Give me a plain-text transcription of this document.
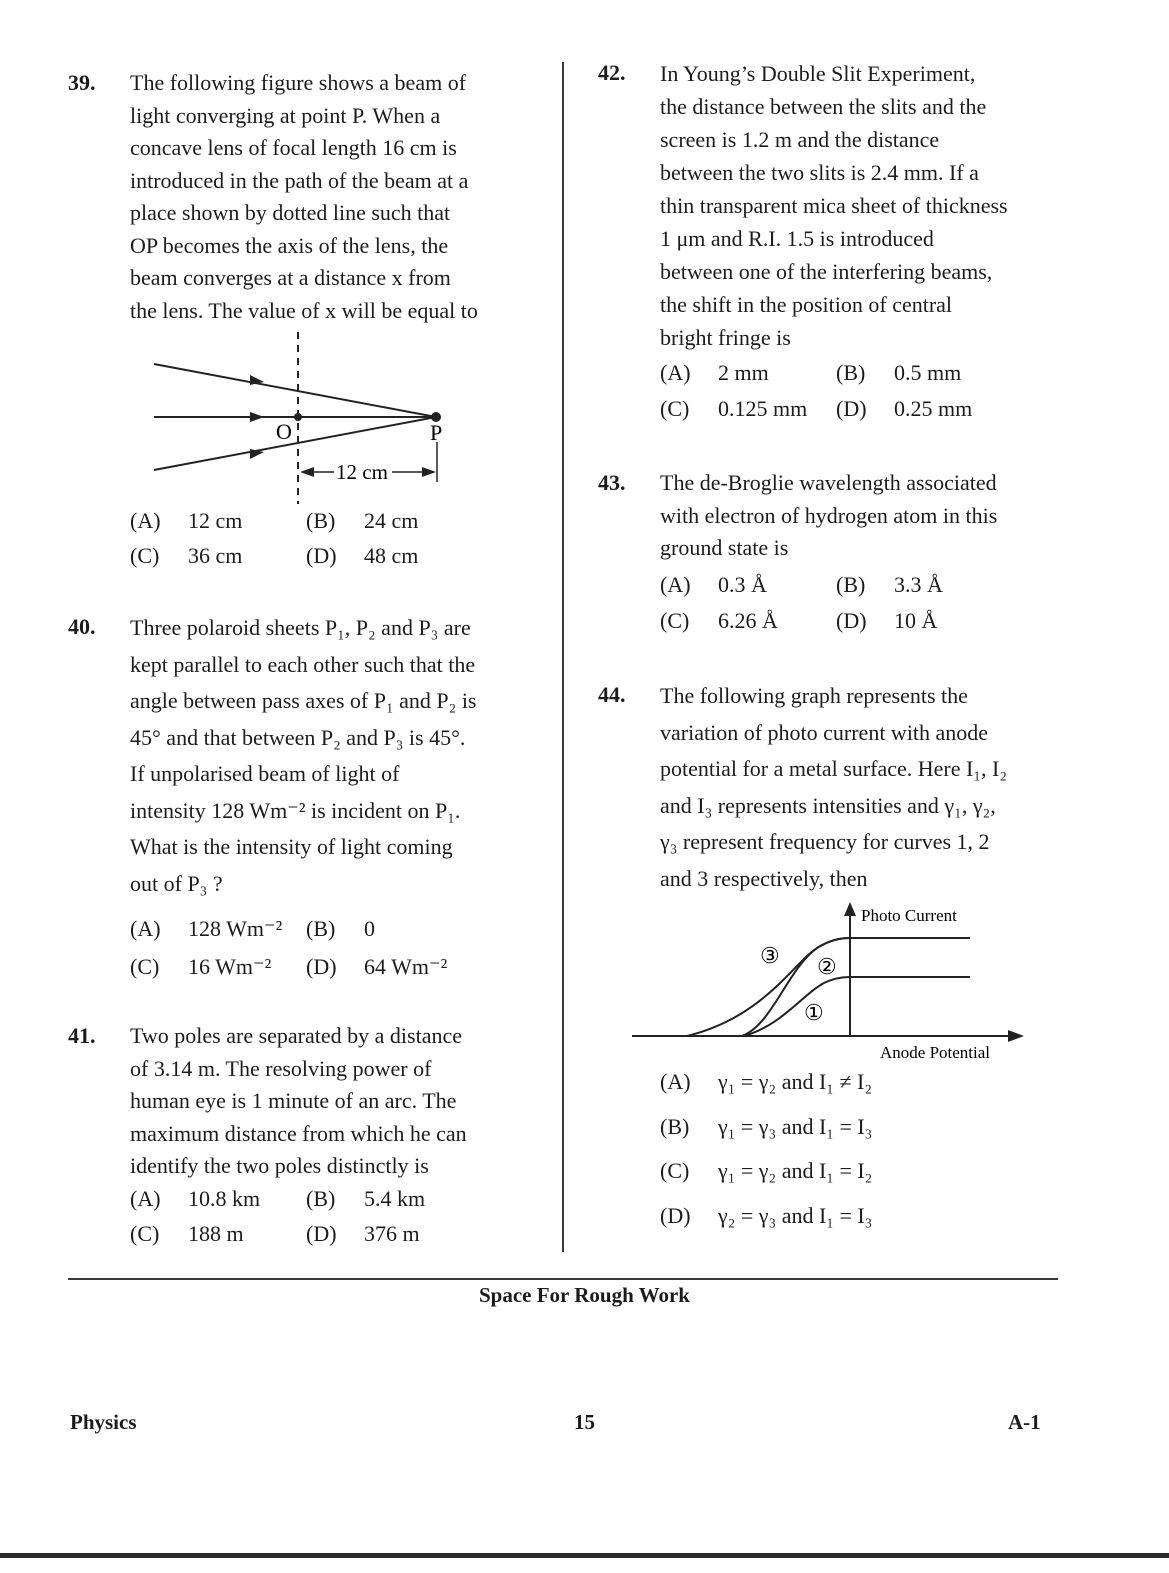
39. The following figure shows a beam of
light converging at point P. When a
concave lens of focal length 16 cm is
introduced in the path of the beam at a
place shown by dotted line such that
OP becomes the axis of the lens, the
beam converges at a distance x from
the lens. The value of x will be equal to
O	P
12 cm
(A) 12 cm	(B) 24 cm
(C) 36 cm	(D) 48 cm
40. Three polaroid sheets P₁, P₂ and P₃ are
kept parallel to each other such that the
angle between pass axes of P₁ and P₂ is
45° and that between P₂ and P₃ is 45°.
If unpolarised beam of light of
intensity 128 Wm⁻² is incident on P₁.
What is the intensity of light coming
out of P₃ ?
(A) 128 Wm⁻² (B) 0
(C) 16 Wm⁻² (D) 64 Wm⁻²
41. Two poles are separated by a distance
of 3.14 m. The resolving power of
human eye is 1 minute of an arc. The
maximum distance from which he can
identify the two poles distinctly is
(A) 10.8 km (B) 5.4 km
(C) 188 m	(D) 376 m
42. In Young’s Double Slit Experiment,
the distance between the slits and the
screen is 1.2 m and the distance
between the two slits is 2.4 mm. If a
thin transparent mica sheet of thickness
1 μm and R.I. 1.5 is introduced
between one of the interfering beams,
the shift in the position of central
bright fringe is
(A) 2 mm	(B) 0.5 mm
(C) 0.125 mm (D) 0.25 mm
43. The de-Broglie wavelength associated
with electron of hydrogen atom in this
ground state is
(A) 0.3 Å	(B) 3.3 Å
(C) 6.26 Å	(D) 10 Å
44. The following graph represents the
variation of photo current with anode
potential for a metal surface. Here I₁, I₂
and I₃ represents intensities and γ₁, γ₂,
γ₃ represent frequency for curves 1, 2
and 3 respectively, then
Photo Current
Anode Potential
③ ②
①
(A) γ₁ = γ₂ and I₁ ≠ I₂
(B) γ₁ = γ₃ and I₁ = I₃
(C) γ₁ = γ₂ and I₁ = I₂
(D) γ₂ = γ₃ and I₁ = I₃
Space For Rough Work
Physics	15	A-1
